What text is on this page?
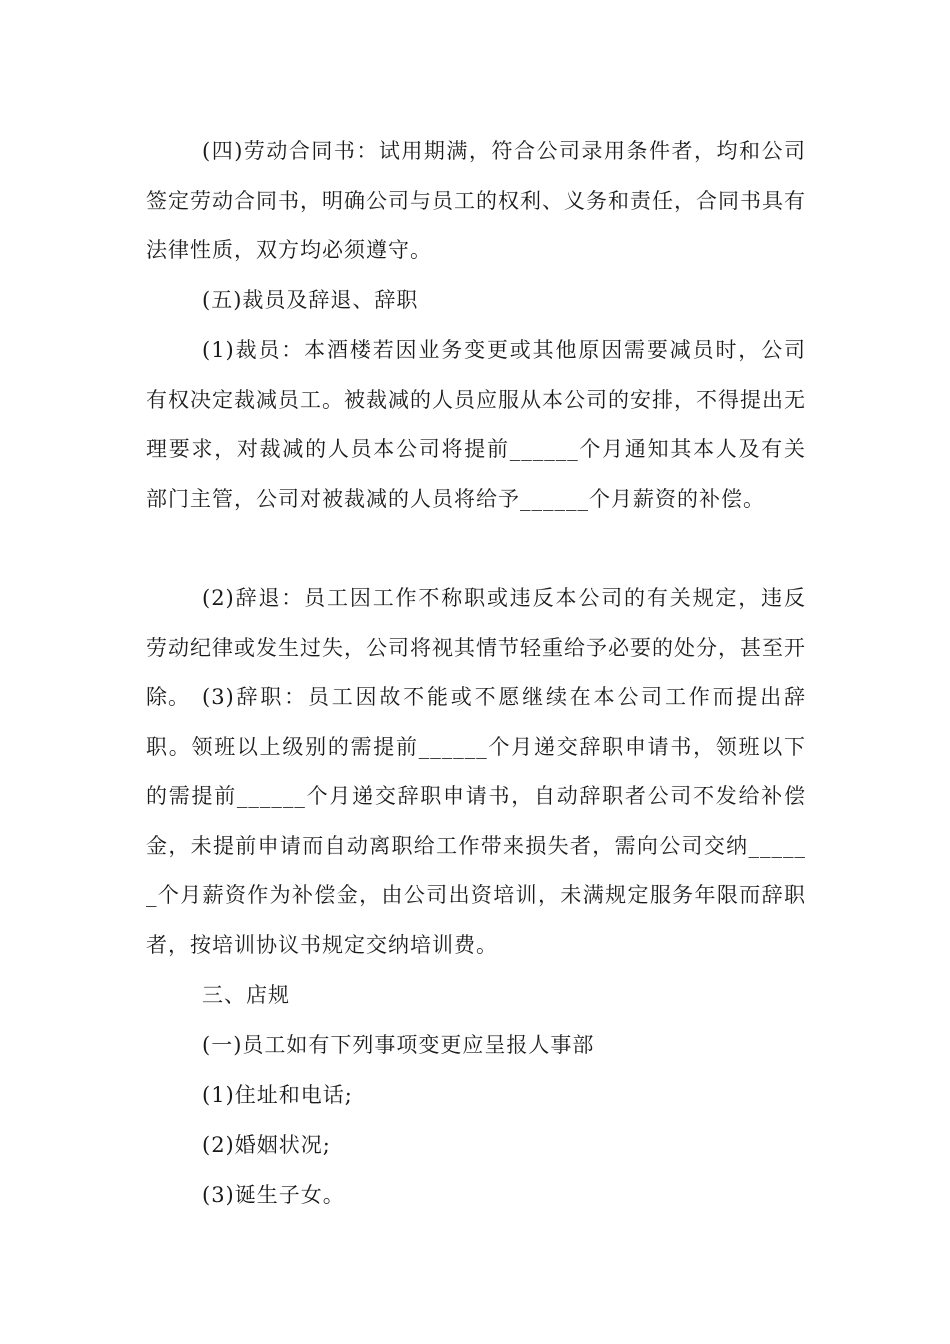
(四)劳动合同书：试用期满，符合公司录用条件者，均和公司签定劳动合同书，明确公司与员工的权利、义务和责任，合同书具有法律性质，双方均必须遵守。

(五)裁员及辞退、辞职

(1)裁员：本酒楼若因业务变更或其他原因需要减员时，公司有权决定裁减员工。被裁减的人员应服从本公司的安排，不得提出无理要求，对裁减的人员本公司将提前______个月通知其本人及有关部门主管，公司对被裁减的人员将给予______个月薪资的补偿。

(2)辞退：员工因工作不称职或违反本公司的有关规定，违反劳动纪律或发生过失，公司将视其情节轻重给予必要的处分，甚至开除。 (3)辞职：员工因故不能或不愿继续在本公司工作而提出辞职。领班以上级别的需提前______个月递交辞职申请书，领班以下的需提前______个月递交辞职申请书，自动辞职者公司不发给补偿金，未提前申请而自动离职给工作带来损失者，需向公司交纳______个月薪资作为补偿金，由公司出资培训，未满规定服务年限而辞职者，按培训协议书规定交纳培训费。

三、店规

(一)员工如有下列事项变更应呈报人事部

(1)住址和电话;

(2)婚姻状况;

(3)诞生子女。
